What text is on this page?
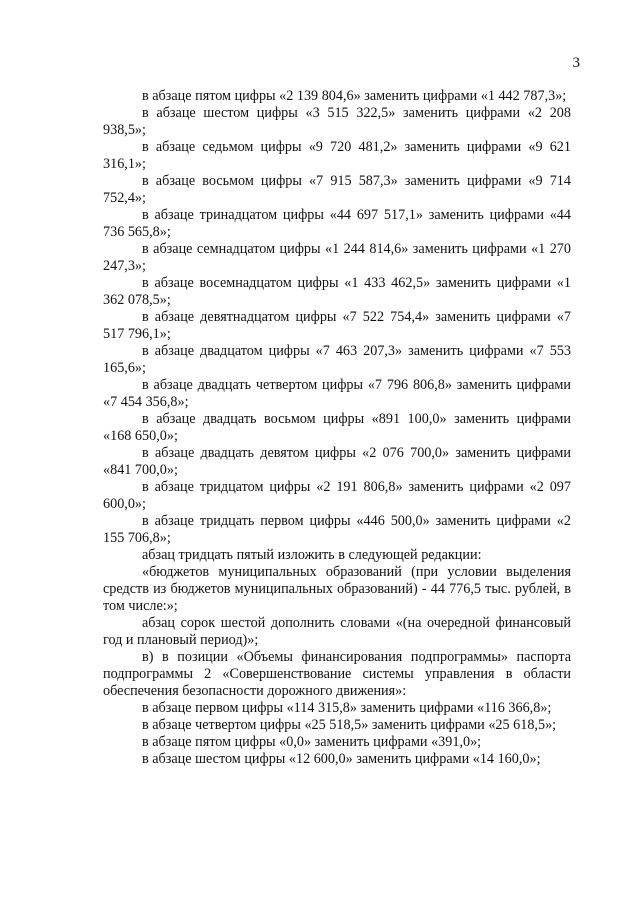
3

в абзаце пятом цифры «2 139 804,6» заменить цифрами «1 442 787,3»;

в абзаце шестом цифры «3 515 322,5» заменить цифрами «2 208 938,5»;

в абзаце седьмом цифры «9 720 481,2» заменить цифрами «9 621 316,1»;

в абзаце восьмом цифры «7 915 587,3» заменить цифрами «9 714 752,4»;

в абзаце тринадцатом цифры «44 697 517,1» заменить цифрами «44 736 565,8»;

в абзаце семнадцатом цифры «1 244 814,6» заменить цифрами «1 270 247,3»;

в абзаце восемнадцатом цифры «1 433 462,5» заменить цифрами «1 362 078,5»;

в абзаце девятнадцатом цифры «7 522 754,4» заменить цифрами «7 517 796,1»;

в абзаце двадцатом цифры «7 463 207,3» заменить цифрами «7 553 165,6»;

в абзаце двадцать четвертом цифры «7 796 806,8» заменить цифрами «7 454 356,8»;

в абзаце двадцать восьмом цифры «891 100,0» заменить цифрами «168 650,0»;

в абзаце двадцать девятом цифры «2 076 700,0» заменить цифрами «841 700,0»;

в абзаце тридцатом цифры «2 191 806,8» заменить цифрами «2 097 600,0»;

в абзаце тридцать первом цифры «446 500,0» заменить цифрами «2 155 706,8»;

абзац тридцать пятый изложить в следующей редакции:

«бюджетов муниципальных образований (при условии выделения средств из бюджетов муниципальных образований) - 44 776,5 тыс. рублей, в том числе:»;

абзац сорок шестой дополнить словами «(на очередной финансовый год и плановый период)»;

в) в позиции «Объемы финансирования подпрограммы» паспорта подпрограммы 2 «Совершенствование системы управления в области обеспечения безопасности дорожного движения»:

в абзаце первом цифры «114 315,8» заменить цифрами «116 366,8»;

в абзаце четвертом цифры «25 518,5» заменить цифрами «25 618,5»;

в абзаце пятом цифры «0,0» заменить цифрами «391,0»;

в абзаце шестом цифры «12 600,0» заменить цифрами «14 160,0»;
